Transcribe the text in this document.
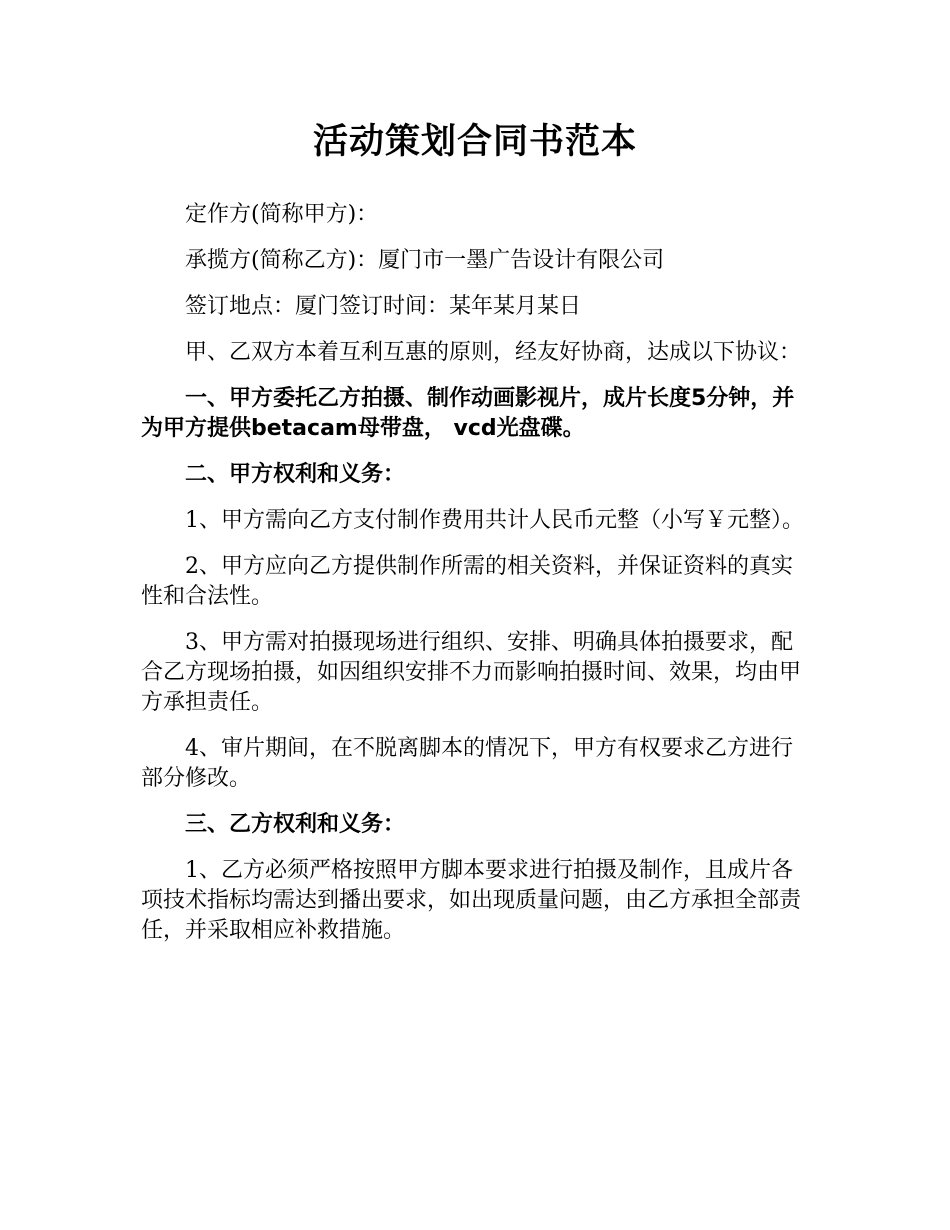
活动策划合同书范本

定作方(简称甲方)：

承揽方(简称乙方)：厦门市一墨广告设计有限公司

签订地点：厦门签订时间：某年某月某日

甲、乙双方本着互利互惠的原则，经友好协商，达成以下协议：

一、甲方委托乙方拍摄、制作动画影视片，成片长度5分钟，并为甲方提供betacam母带盘， vcd光盘碟。

二、甲方权利和义务：

1、甲方需向乙方支付制作费用共计人民币元整（小写￥元整）。

2、甲方应向乙方提供制作所需的相关资料，并保证资料的真实性和合法性。

3、甲方需对拍摄现场进行组织、安排、明确具体拍摄要求，配合乙方现场拍摄，如因组织安排不力而影响拍摄时间、效果，均由甲方承担责任。

4、审片期间，在不脱离脚本的情况下，甲方有权要求乙方进行部分修改。

三、乙方权利和义务：

1、乙方必须严格按照甲方脚本要求进行拍摄及制作，且成片各项技术指标均需达到播出要求，如出现质量问题，由乙方承担全部责任，并采取相应补救措施。
